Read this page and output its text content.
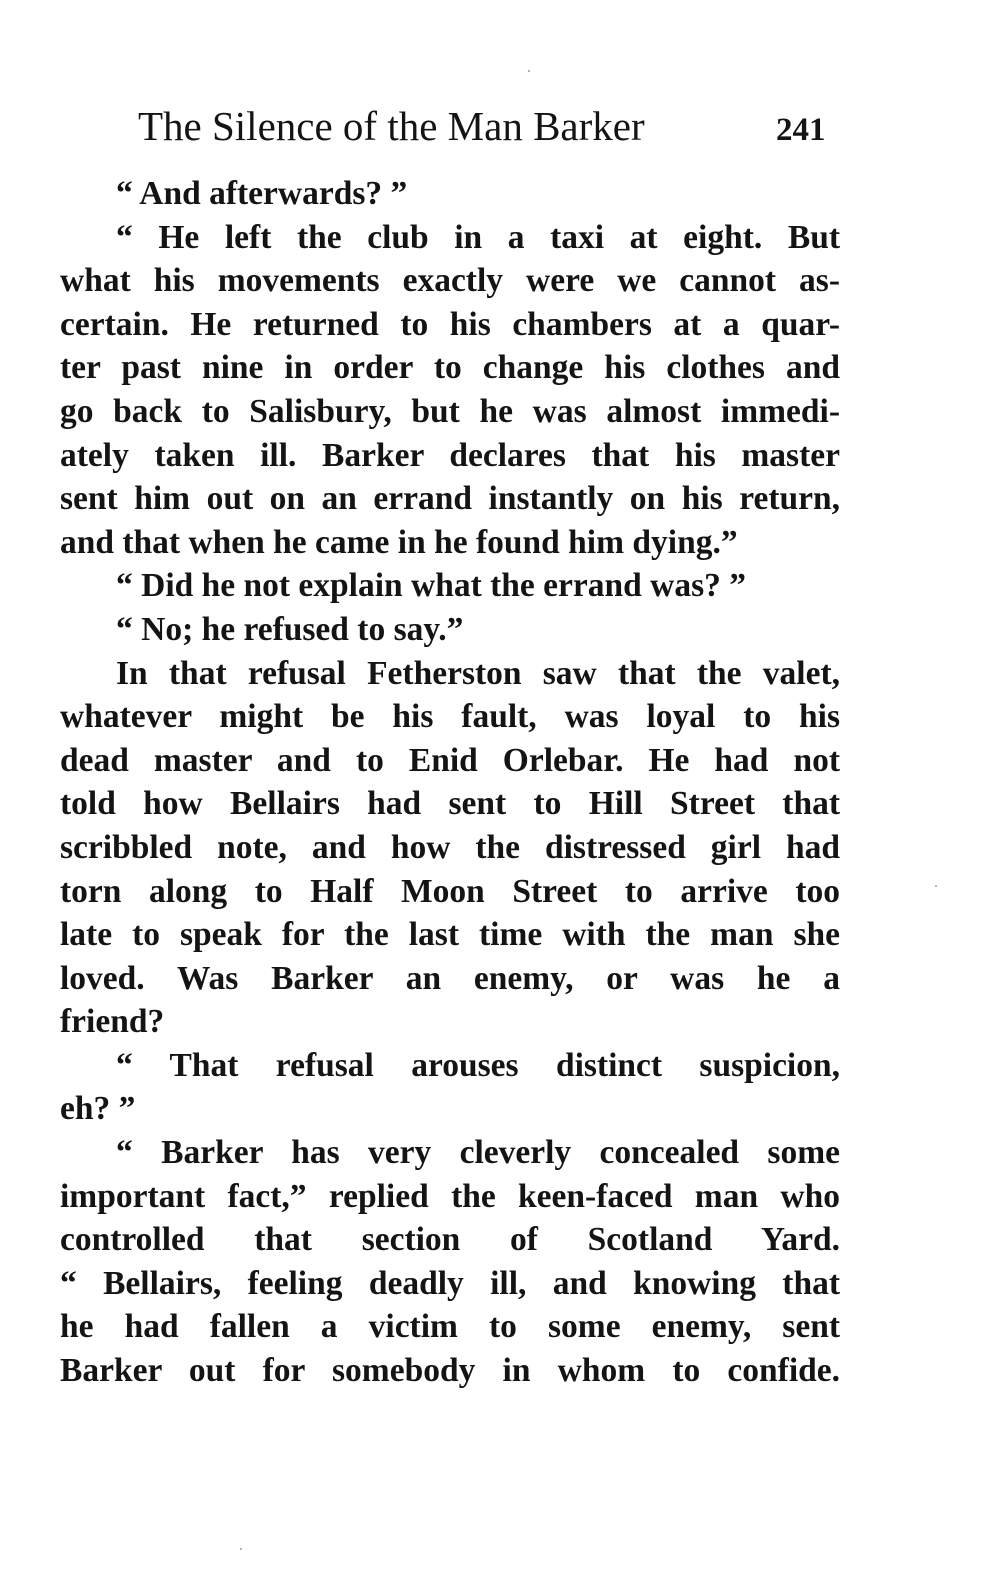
The Silence of the Man Barker	241
“ And afterwards? ”
“ He left the club in a taxi at eight. But
what his movements exactly were we cannot as-
certain. He returned to his chambers at a quar-
ter past nine in order to change his clothes and
go back to Salisbury, but he was almost immedi-
ately taken ill. Barker declares that his master
sent him out on an errand instantly on his return,
and that when he came in he found him dying.”
“ Did he not explain what the errand was? ”
“ No; he refused to say.”
In that refusal Fetherston saw that the valet,
whatever might be his fault, was loyal to his
dead master and to Enid Orlebar. He had not
told how Bellairs had sent to Hill Street that
scribbled note, and how the distressed girl had
torn along to Half Moon Street to arrive too
late to speak for the last time with the man she
loved. Was Barker an enemy, or was he a
friend?
“ That refusal arouses distinct suspicion,
eh? ”
“ Barker has very cleverly concealed some
important fact,” replied the keen-faced man who
controlled that section of Scotland Yard.
“ Bellairs, feeling deadly ill, and knowing that
he had fallen a victim to some enemy, sent
Barker out for somebody in whom to confide.
